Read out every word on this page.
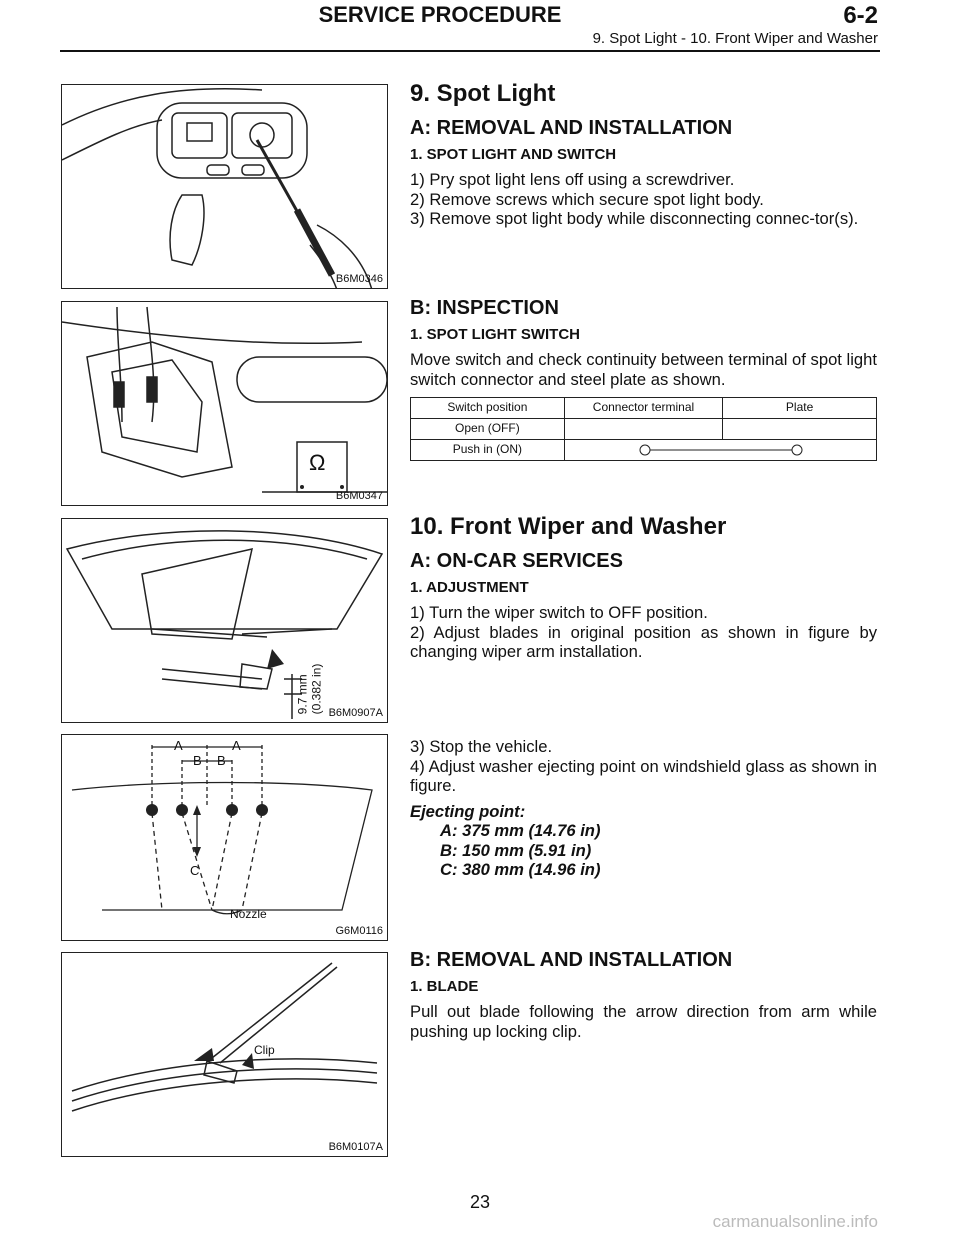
SERVICE PROCEDURE	6-2
9. Spot Light - 10. Front Wiper and Washer
B6M0346
Ω
B6M0347
9.7 mm (0.382 in) B6M0907A
A	A
B B
C
Nozzle
G6M0116
Clip
B6M0107A
9. Spot Light
A: REMOVAL AND INSTALLATION
1. SPOT LIGHT AND SWITCH

1) Pry spot light lens off using a screwdriver.

2) Remove screws which secure spot light body.

3) Remove spot light body while disconnecting connec-tor(s).

B: INSPECTION
1. SPOT LIGHT SWITCH

Move switch and check continuity between terminal of spot light switch connector and steel plate as shown.

Switch position	Connector terminal	Plate
Open (OFF)		
Push in (ON)	
10. Front Wiper and Washer
A: ON-CAR SERVICES
1. ADJUSTMENT

1) Turn the wiper switch to OFF position.

2) Adjust blades in original position as shown in figure by changing wiper arm installation.

3) Stop the vehicle.

4) Adjust washer ejecting point on windshield glass as shown in figure.

Ejecting point:
A: 375 mm (14.76 in)
B: 150 mm (5.91 in)
C: 380 mm (14.96 in)
B: REMOVAL AND INSTALLATION
1. BLADE

Pull out blade following the arrow direction from arm while pushing up locking clip.

23
carmanualsonline.info
